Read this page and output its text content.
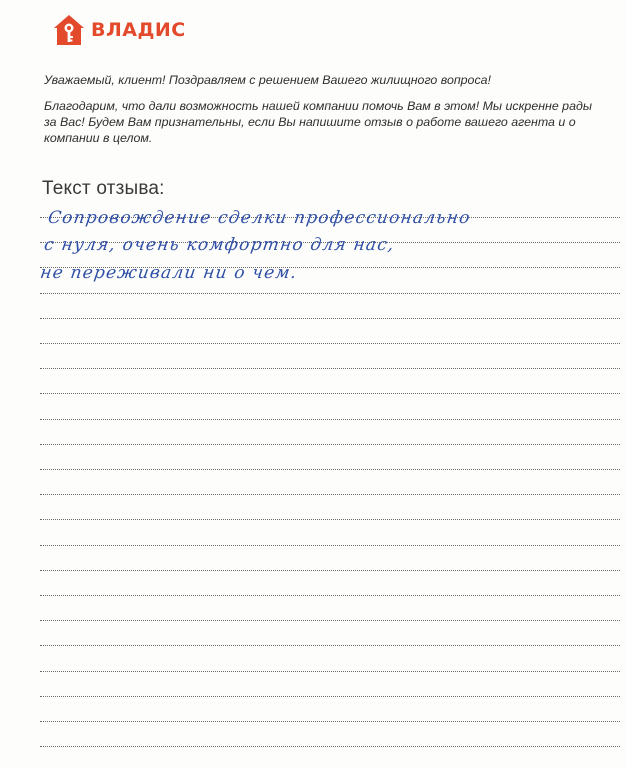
ВЛАДИС

Уважаемый, клиент! Поздравляем с решением Вашего жилищного вопроса!

Благодарим, что дали возможность нашей компании помочь Вам в этом! Мы искренне рады за Вас! Будем Вам признательны, если Вы напишите отзыв о работе вашего агента и о компании в целом.

Текст отзыва:
Сопровождение сделки профессионально
с нуля, очень комфортно для нас,
не переживали ни о чем.
